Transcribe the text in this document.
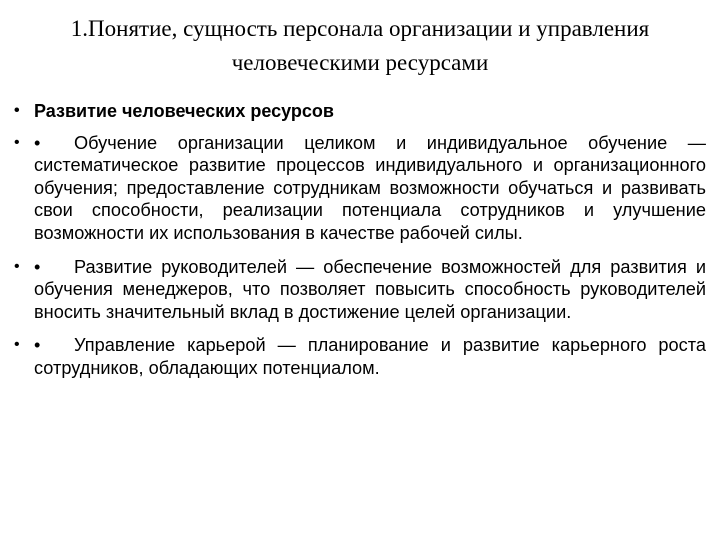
1.Понятие, сущность персонала организации и управления
человеческими ресурсами
• Развитие человеческих ресурсов
• • Обучение организации целиком и индивидуальное обучение — систематическое развитие процессов индивидуального и организационного обучения; предоставление сотрудникам возможности обучаться и развивать свои способности, реализации потенциала сотрудников и улучшение возможности их использования в качестве рабочей силы.
• • Развитие руководителей — обеспечение возможностей для развития и обучения менеджеров, что позволяет повысить способность руководителей вносить значительный вклад в достижение целей организации.
• • Управление карьерой — планирование и развитие карьерного роста сотрудников, обладающих потенциалом.
